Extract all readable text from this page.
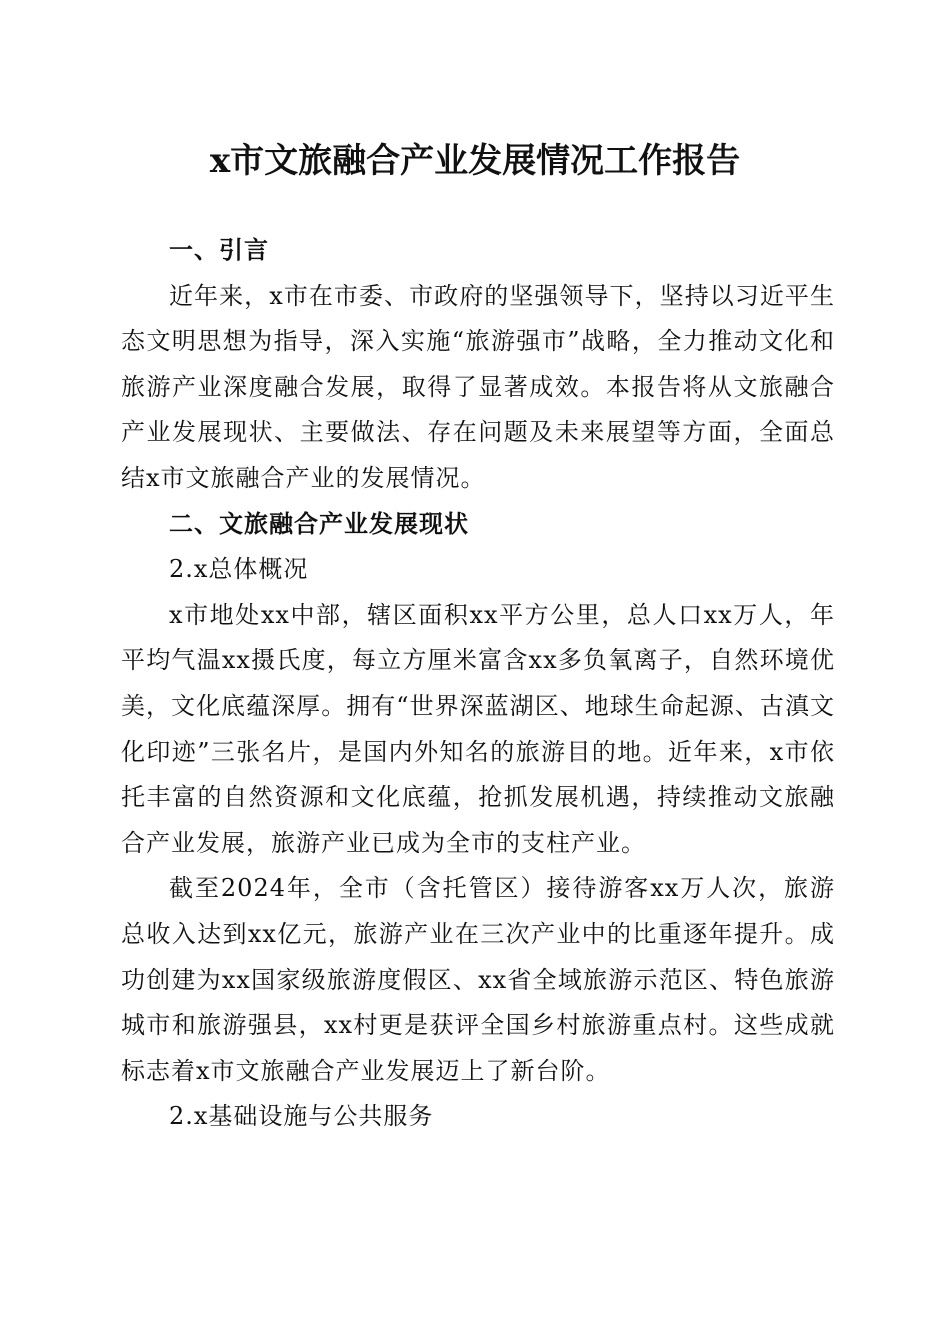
x市文旅融合产业发展情况工作报告

一、引言

近年来，x市在市委、市政府的坚强领导下，坚持以习近平生态文明思想为指导，深入实施“旅游强市”战略，全力推动文化和旅游产业深度融合发展，取得了显著成效。本报告将从文旅融合产业发展现状、主要做法、存在问题及未来展望等方面，全面总结x市文旅融合产业的发展情况。

二、文旅融合产业发展现状

2.x总体概况

x市地处xx中部，辖区面积xx平方公里，总人口xx万人，年平均气温xx摄氏度，每立方厘米富含xx多负氧离子，自然环境优美，文化底蕴深厚。拥有“世界深蓝湖区、地球生命起源、古滇文化印迹”三张名片，是国内外知名的旅游目的地。近年来，x市依托丰富的自然资源和文化底蕴，抢抓发展机遇，持续推动文旅融合产业发展，旅游产业已成为全市的支柱产业。

截至2024年，全市（含托管区）接待游客xx万人次，旅游总收入达到xx亿元，旅游产业在三次产业中的比重逐年提升。成功创建为xx国家级旅游度假区、xx省全域旅游示范区、特色旅游城市和旅游强县，xx村更是获评全国乡村旅游重点村。这些成就标志着x市文旅融合产业发展迈上了新台阶。

2.x基础设施与公共服务
